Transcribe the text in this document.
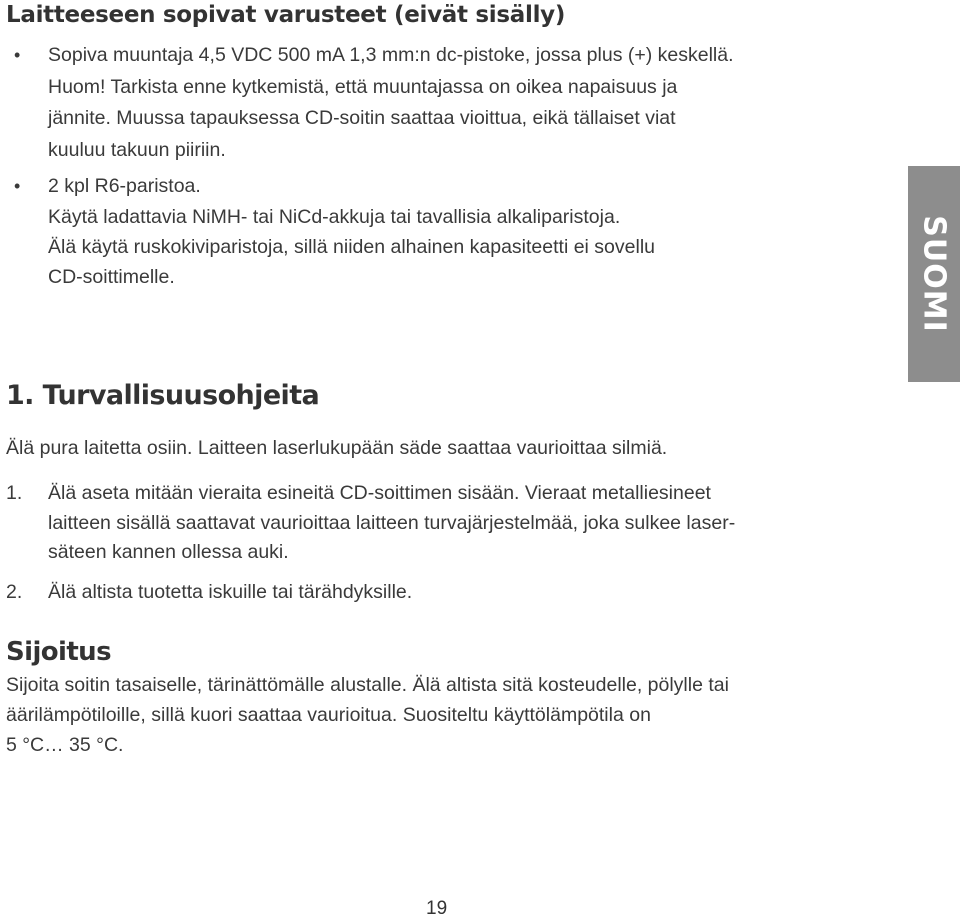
Laitteeseen sopivat varusteet (eivät sisälly)
• Sopiva muuntaja 4,5 VDC 500 mA 1,3 mm:n dc-pistoke, jossa plus (+) keskellä.

Huom! Tarkista enne kytkemistä, että muuntajassa on oikea napaisuus ja

jännite. Muussa tapauksessa CD-soitin saattaa vioittua, eikä tällaiset viat

kuuluu takuun piiriin.

• 2 kpl R6-paristoa.

Käytä ladattavia NiMH- tai NiCd-akkuja tai tavallisia alkaliparistoja.

Älä käytä ruskokiviparistoja, sillä niiden alhainen kapasiteetti ei sovellu

CD-soittimelle.	SUOMI
1. Turvallisuusohjeita

Älä pura laitetta osiin. Laitteen laserlukupään säde saattaa vaurioittaa silmiä.

1. Älä aseta mitään vieraita esineitä CD-soittimen sisään. Vieraat metalliesineet

laitteen sisällä saattavat vaurioittaa laitteen turvajärjestelmää, joka sulkee laser-

säteen kannen ollessa auki.

2. Älä altista tuotetta iskuille tai tärähdyksille.

Sijoitus

Sijoita soitin tasaiselle, tärinättömälle alustalle. Älä altista sitä kosteudelle, pölylle tai

äärilämpötiloille, sillä kuori saattaa vaurioitua. Suositeltu käyttölämpötila on

5 °C… 35 °C.

19
